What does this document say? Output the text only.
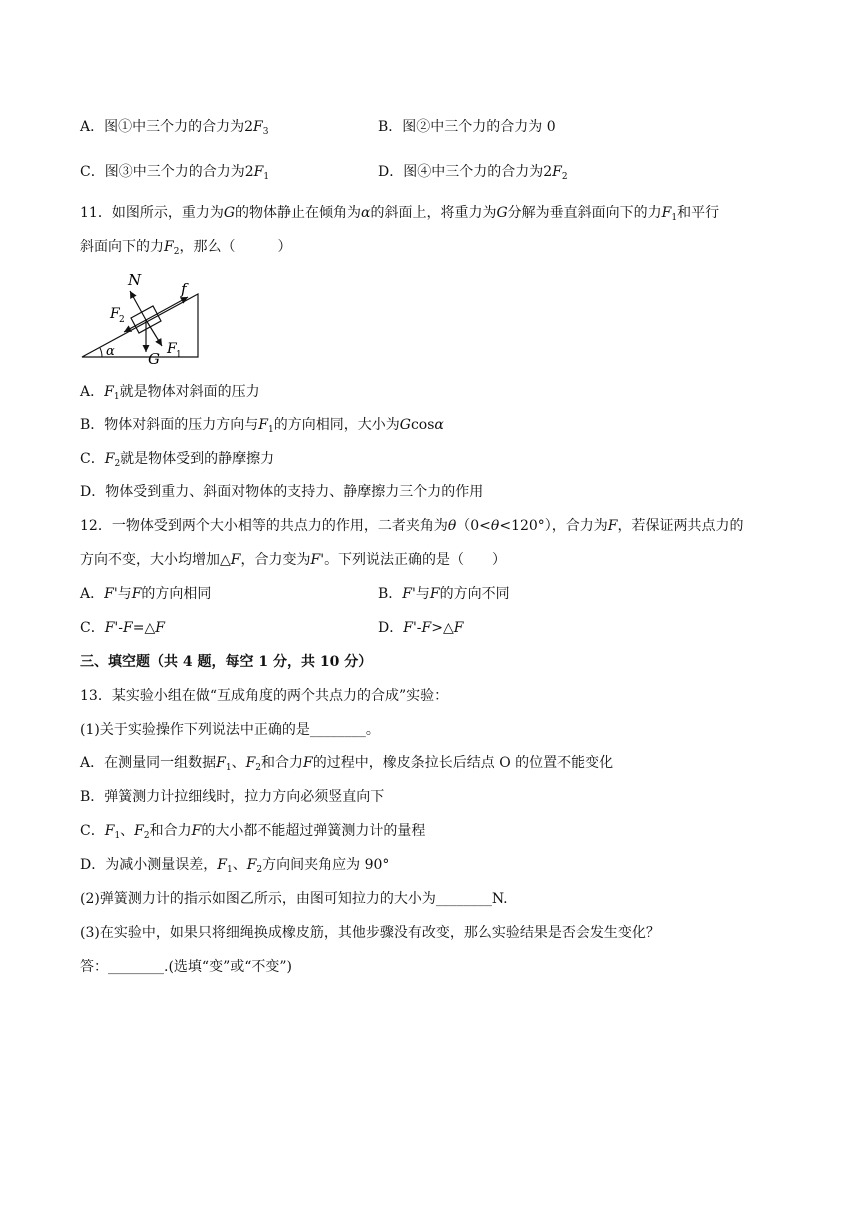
A．图①中三个力的合力为$2F_3$	B．图②中三个力的合力为 0
C．图③中三个力的合力为$2F_1$	D．图④中三个力的合力为$2F_2$
11．如图所示，重力为G的物体静止在倾角为α的斜面上，将重力为G分解为垂直斜面向下的力$F_1$和平行
斜面向下的力$F_2$，那么（　　　）
N	f
F 2
F 1
G
α
A．$F_1$就是物体对斜面的压力
B．物体对斜面的压力方向与$F_1$的方向相同，大小为Gcosα
C．$F_2$就是物体受到的静摩擦力
D．物体受到重力、斜面对物体的支持力、静摩擦力三个力的作用
12．一物体受到两个大小相等的共点力的作用，二者夹角为θ（0<θ<120°），合力为F，若保证两共点力的
方向不变，大小均增加△F，合力变为F'。下列说法正确的是（　　）
A．F'与F的方向相同	B．F'与F的方向不同
C．F'-F=△F	D．F'-F>△F
三、填空题（共 4 题，每空 1 分，共 10 分）
13．某实验小组在做“互成角度的两个共点力的合成”实验：
(1)关于实验操作下列说法中正确的是________。
A．在测量同一组数据$F_1$、$F_2$和合力F的过程中，橡皮条拉长后结点 O 的位置不能变化
B．弹簧测力计拉细线时，拉力方向必须竖直向下
C．$F_1$、$F_2$和合力F的大小都不能超过弹簧测力计的量程
D．为减小测量误差，$F_1$、$F_2$方向间夹角应为 90°
(2)弹簧测力计的指示如图乙所示，由图可知拉力的大小为________N.
(3)在实验中，如果只将细绳换成橡皮筋，其他步骤没有改变，那么实验结果是否会发生变化？
答：________.(选填“变”或“不变”)
